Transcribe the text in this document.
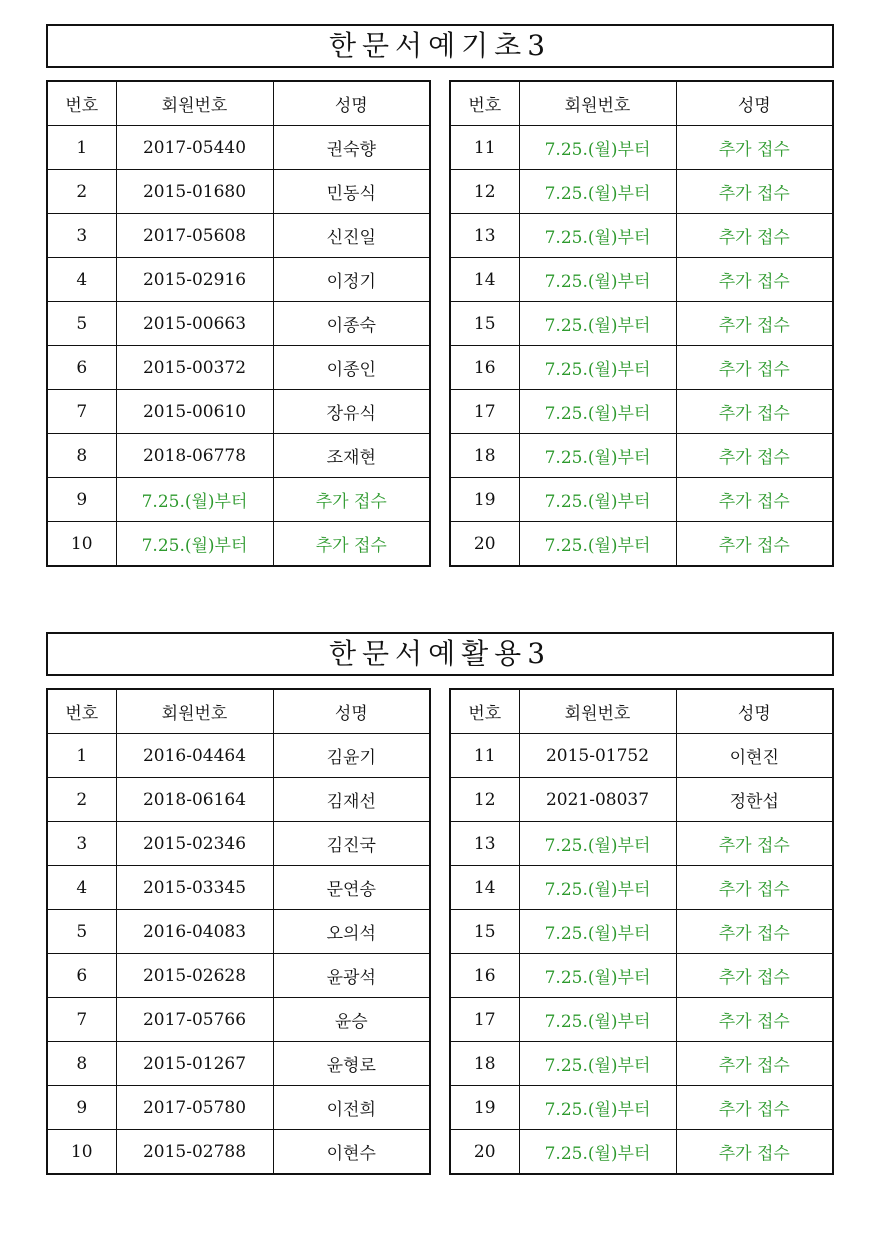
한문서예기초3
번호	회원번호	성명
1	2017-05440	권숙향
2	2015-01680	민동식
3	2017-05608	신진일
4	2015-02916	이정기
5	2015-00663	이종숙
6	2015-00372	이종인
7	2015-00610	장유식
8	2018-06778	조재현
9	7.25.(월)부터	추가 접수
10	7.25.(월)부터	추가 접수
번호	회원번호	성명
11	7.25.(월)부터	추가 접수
12	7.25.(월)부터	추가 접수
13	7.25.(월)부터	추가 접수
14	7.25.(월)부터	추가 접수
15	7.25.(월)부터	추가 접수
16	7.25.(월)부터	추가 접수
17	7.25.(월)부터	추가 접수
18	7.25.(월)부터	추가 접수
19	7.25.(월)부터	추가 접수
20	7.25.(월)부터	추가 접수
한문서예활용3
번호	회원번호	성명
1	2016-04464	김윤기
2	2018-06164	김재선
3	2015-02346	김진국
4	2015-03345	문연송
5	2016-04083	오의석
6	2015-02628	윤광석
7	2017-05766	윤승
8	2015-01267	윤형로
9	2017-05780	이전희
10	2015-02788	이현수
번호	회원번호	성명
11	2015-01752	이현진
12	2021-08037	정한섭
13	7.25.(월)부터	추가 접수
14	7.25.(월)부터	추가 접수
15	7.25.(월)부터	추가 접수
16	7.25.(월)부터	추가 접수
17	7.25.(월)부터	추가 접수
18	7.25.(월)부터	추가 접수
19	7.25.(월)부터	추가 접수
20	7.25.(월)부터	추가 접수
